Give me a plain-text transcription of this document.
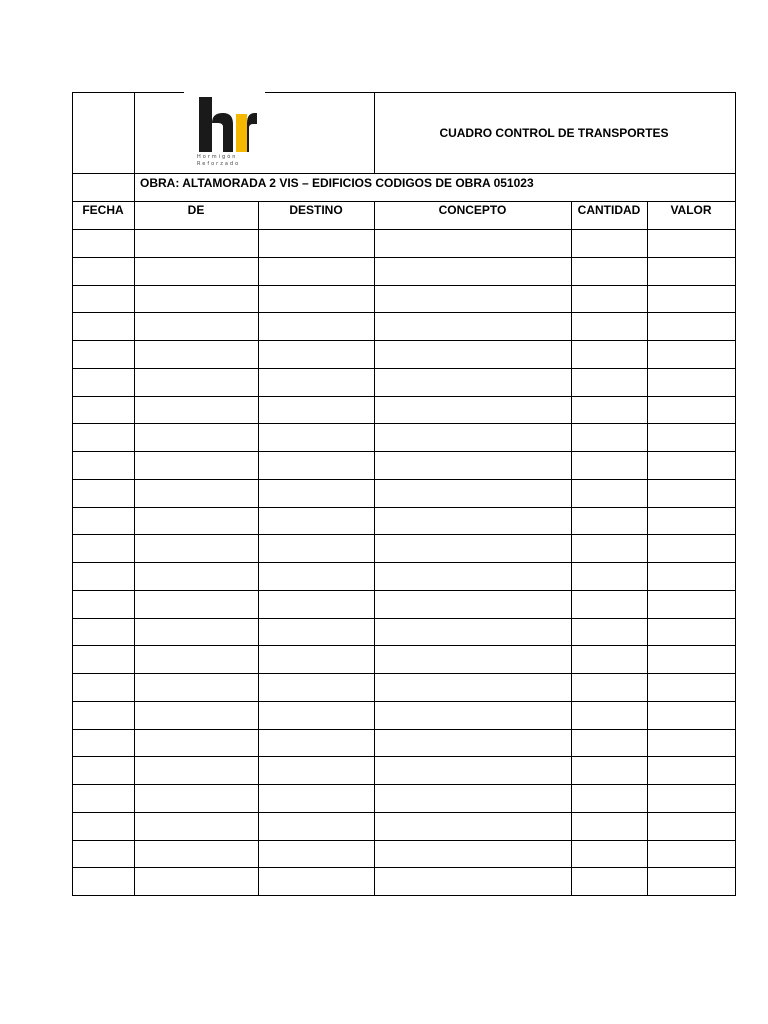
Hormigón
Reforzado
CUADRO CONTROL DE TRANSPORTES
OBRA: ALTAMORADA 2 VIS – EDIFICIOS CODIGOS DE OBRA 051023
FECHA	DE	DESTINO	CONCEPTO	CANTIDAD	VALOR
